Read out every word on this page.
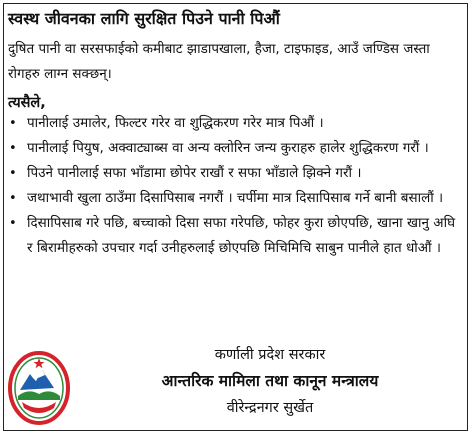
स्वस्थ जीवनका लागि सुरक्षित पिउने पानी पिऔं
दुषित पानी वा सरसफाईको कमीबाट झाडापखाला, हैजा, टाइफाइड, आउँ जण्डिस जस्ता रोगहरु लाग्न सक्छन्।
त्यसैले,
• पानीलाई उमालेर, फिल्टर गरेर वा शुद्धिकरण गरेर मात्र पिऔं ।
• पानीलाई पियुष, अक्वाट्याब्स वा अन्य क्लोरिन जन्य कुराहरु हालेर शुद्धिकरण गरौं ।
• पिउने पानीलाई सफा भाँडामा छोपेर राखौं र सफा भाँडाले झिक्ने गरौं ।
• जथाभावी खुला ठाउँमा दिसापिसाब नगरौं । चर्पीमा मात्र दिसापिसाब गर्ने बानी बसालौं ।
• दिसापिसाब गरे पछि, बच्चाको दिसा सफा गरेपछि, फोहर कुरा छोएपछि, खाना खानु अघि र बिरामीहरुको उपचार गर्दा उनीहरुलाई छोएपछि मिचिमिचि साबुन पानीले हात धोऔं ।
कर्णाली प्रदेश सरकार
आन्तरिक मामिला तथा कानून मन्त्रालय
वीरेन्द्रनगर सुर्खेत
